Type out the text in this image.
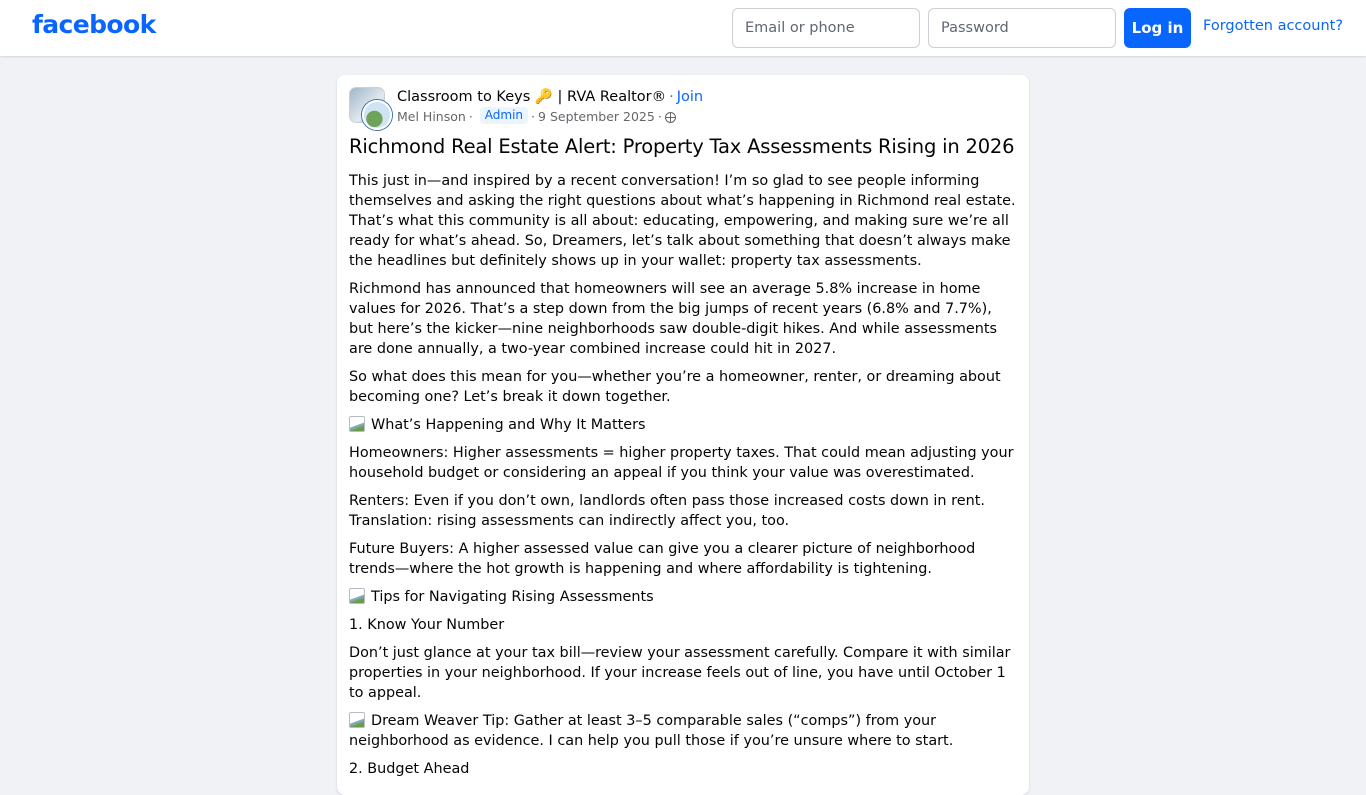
facebook
Email or phone	Log in	Forgotten account?
Classroom to Keys 🔑 | RVA Realtor® · Join
Mel Hinson · Admin · 9 September 2025 ·
Richmond Real Estate Alert: Property Tax Assessments Rising in 2026

This just in—and inspired by a recent conversation! I’m so glad to see people informing themselves and asking the right questions about what’s happening in Richmond real estate. That’s what this community is all about: educating, empowering, and making sure we’re all ready for what’s ahead. So, Dreamers, let’s talk about something that doesn’t always make the headlines but definitely shows up in your wallet: property tax assessments.

Richmond has announced that homeowners will see an average 5.8% increase in home values for 2026. That’s a step down from the big jumps of recent years (6.8% and 7.7%), but here’s the kicker—nine neighborhoods saw double-digit hikes. And while assessments are done annually, a two-year combined increase could hit in 2027.

So what does this mean for you—whether you’re a homeowner, renter, or dreaming about becoming one? Let’s break it down together.

What’s Happening and Why It Matters

Homeowners: Higher assessments = higher property taxes. That could mean adjusting your household budget or considering an appeal if you think your value was overestimated.

Renters: Even if you don’t own, landlords often pass those increased costs down in rent. Translation: rising assessments can indirectly affect you, too.

Future Buyers: A higher assessed value can give you a clearer picture of neighborhood trends—where the hot growth is happening and where affordability is tightening.

Tips for Navigating Rising Assessments

1. Know Your Number

Don’t just glance at your tax bill—review your assessment carefully. Compare it with similar properties in your neighborhood. If your increase feels out of line, you have until October 1 to appeal.

Dream Weaver Tip: Gather at least 3–5 comparable sales (“comps”) from your neighborhood as evidence. I can help you pull those if you’re unsure where to start.

2. Budget Ahead
